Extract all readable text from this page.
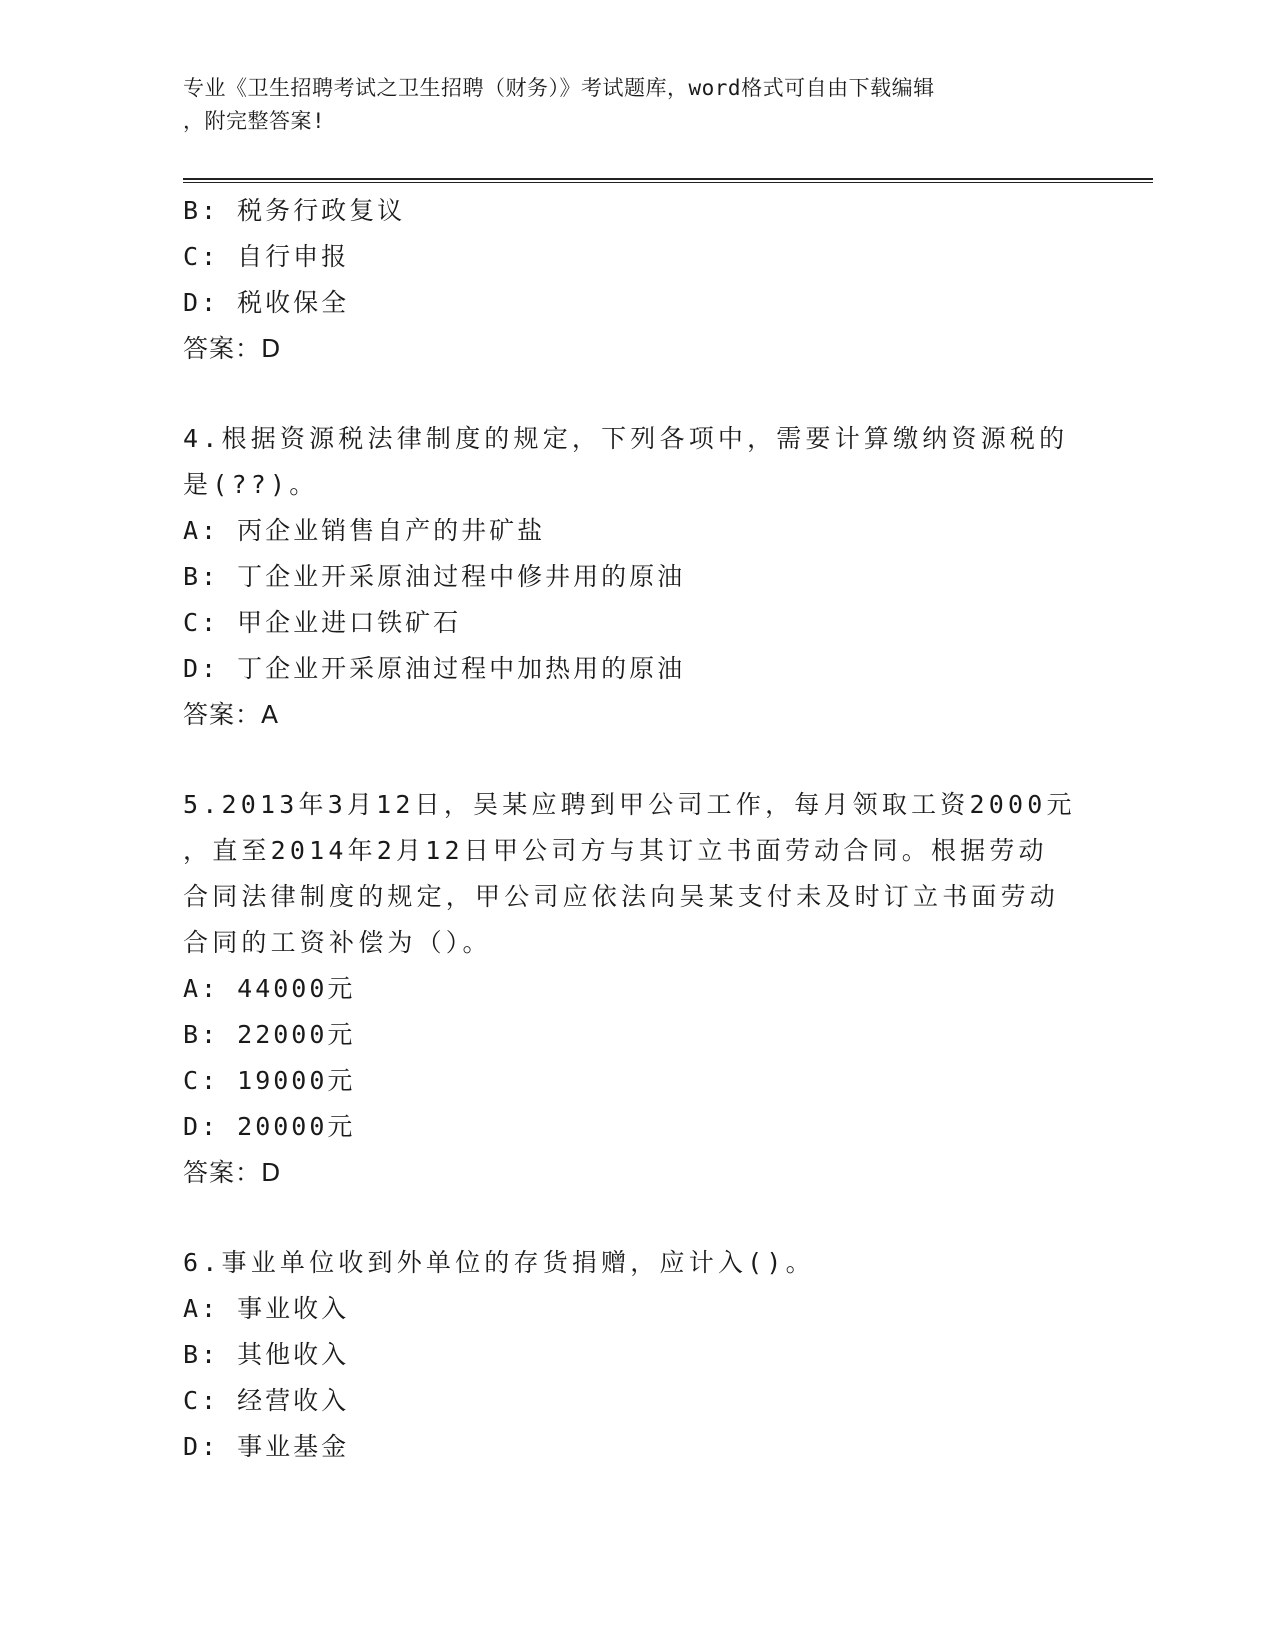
专业《卫生招聘考试之卫生招聘（财务）》考试题库，word格式可自由下载编辑
，附完整答案!
B: 税务行政复议
C: 自行申报
D: 税收保全
答案：D
4.根据资源税法律制度的规定，下列各项中，需要计算缴纳资源税的
是(??)。
A: 丙企业销售自产的井矿盐
B: 丁企业开采原油过程中修井用的原油
C: 甲企业进口铁矿石
D: 丁企业开采原油过程中加热用的原油
答案：A
5.2013年3月12日，吴某应聘到甲公司工作，每月领取工资2000元
，直至2014年2月12日甲公司方与其订立书面劳动合同。根据劳动
合同法律制度的规定，甲公司应依法向吴某支付未及时订立书面劳动
合同的工资补偿为（）。
A: 44000元
B: 22000元
C: 19000元
D: 20000元
答案：D
6.事业单位收到外单位的存货捐赠，应计入()。
A: 事业收入
B: 其他收入
C: 经营收入
D: 事业基金
